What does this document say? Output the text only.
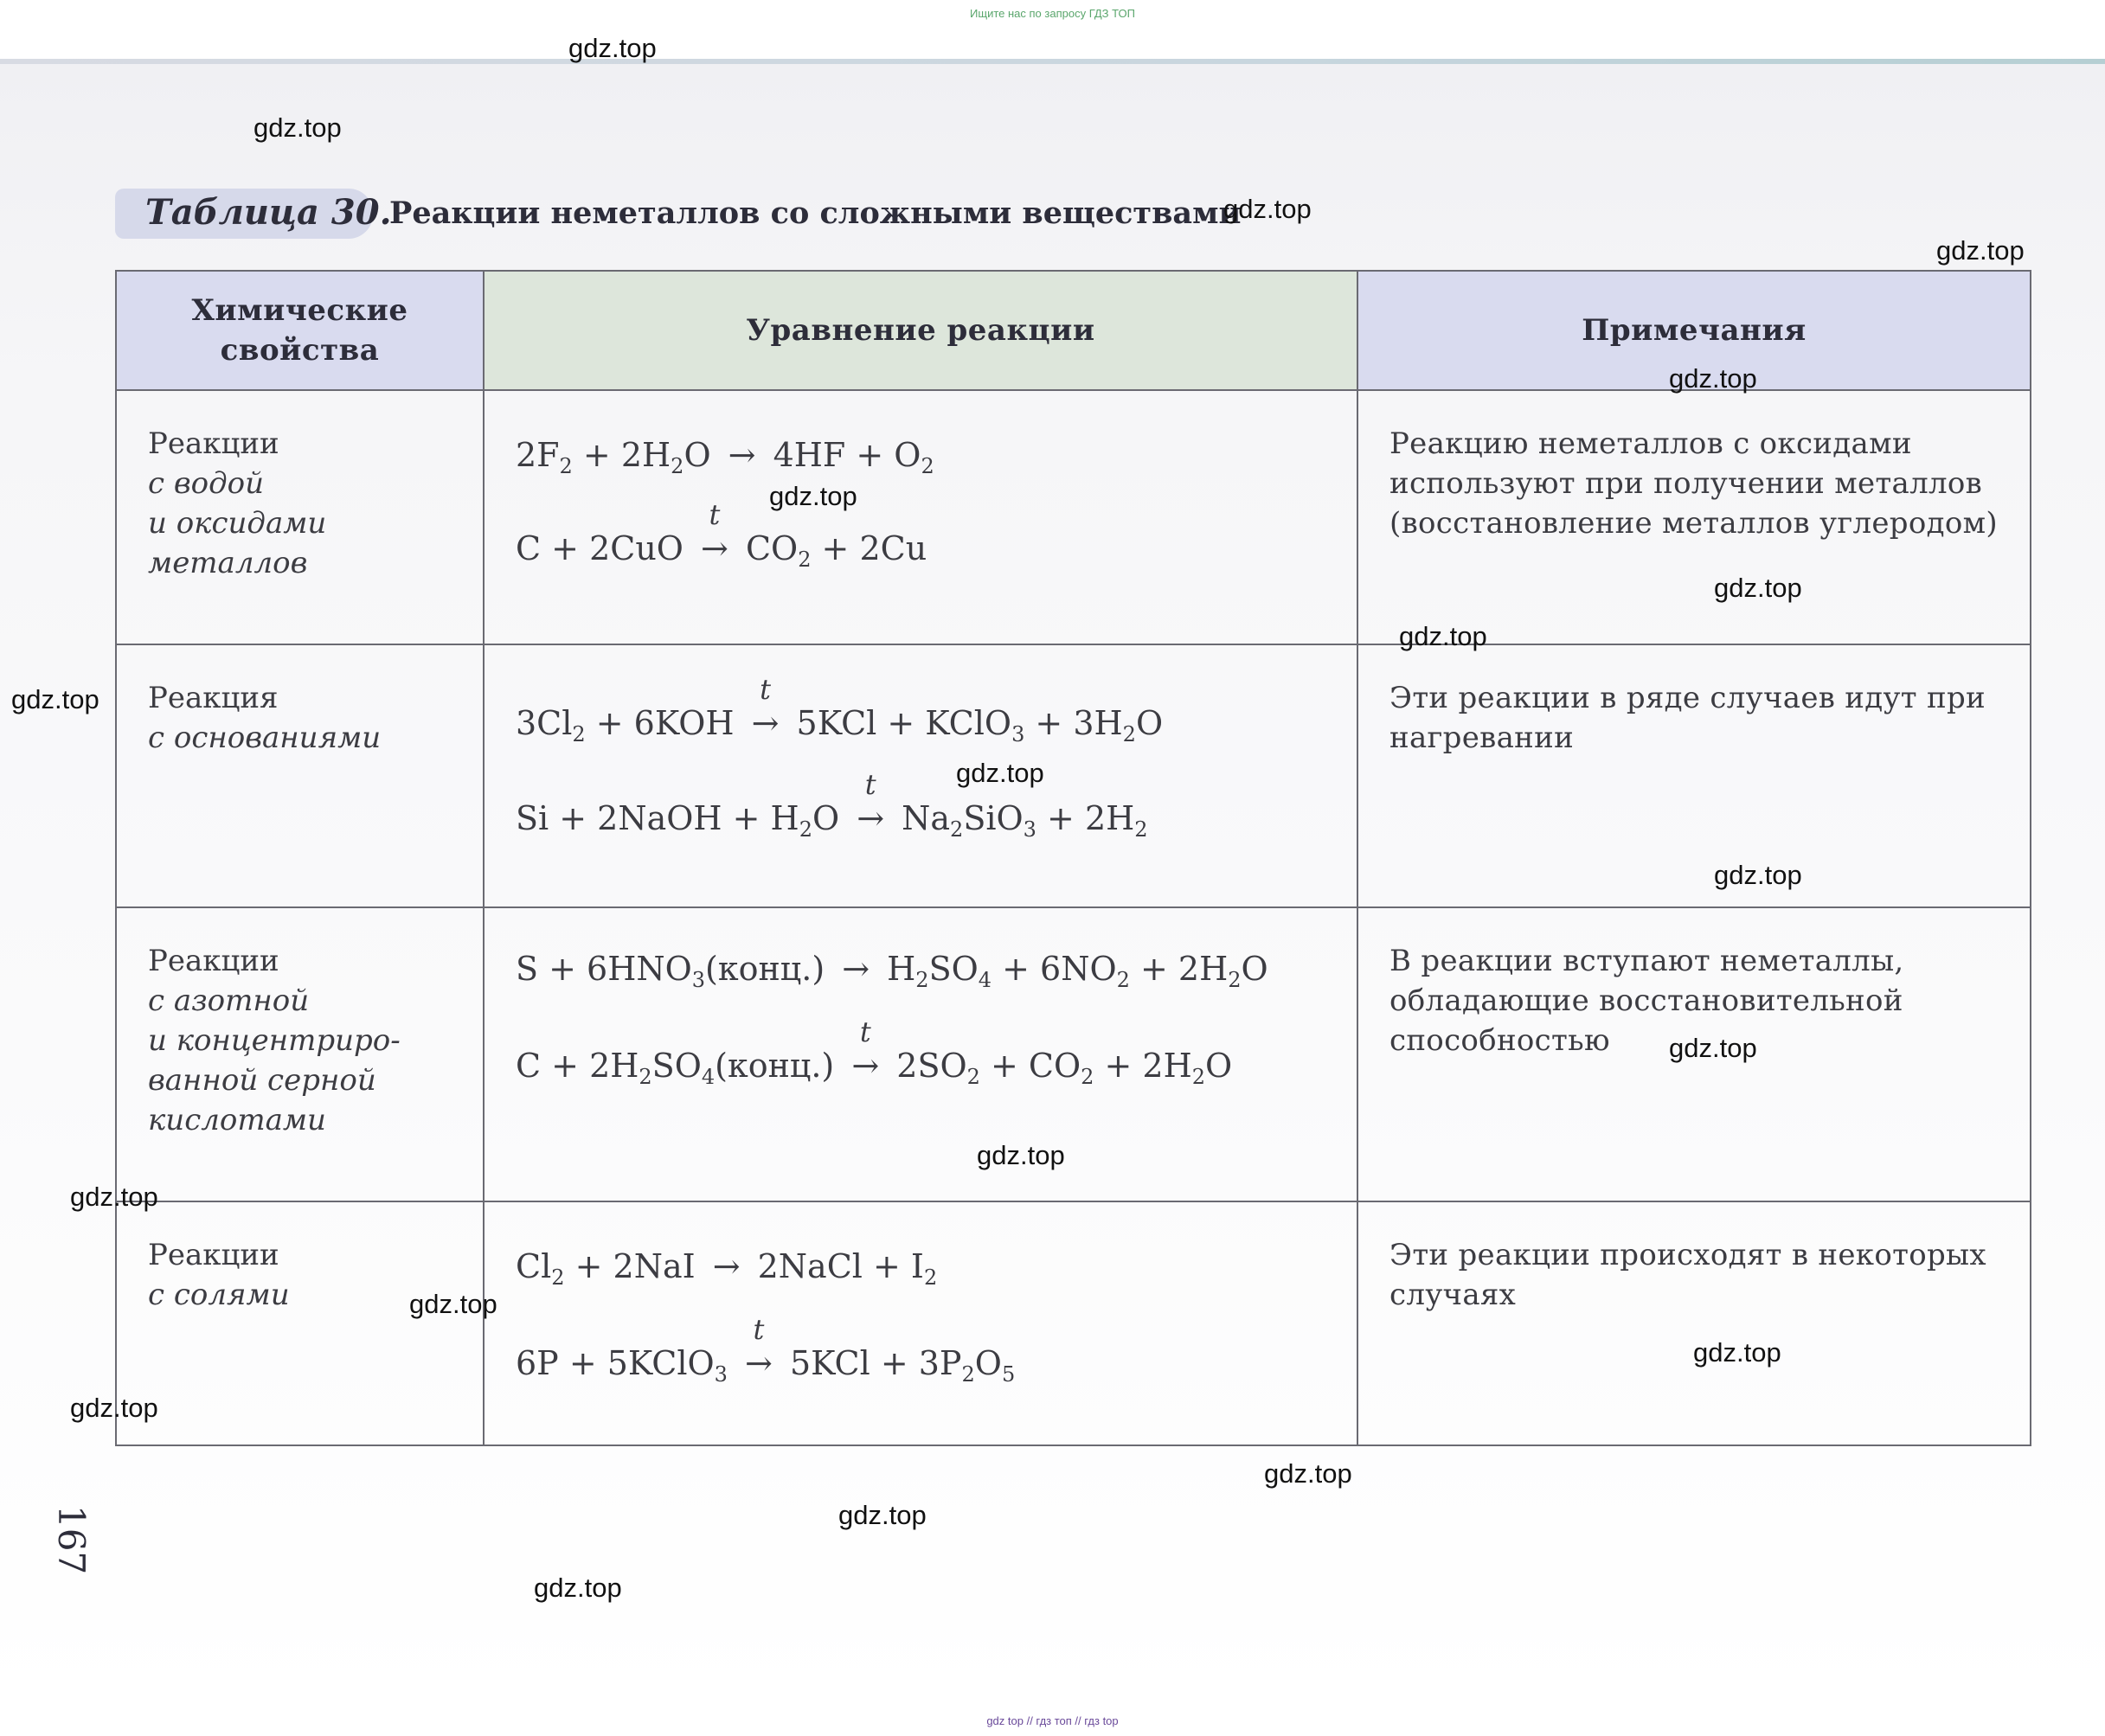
Ищите нас по запросу ГДЗ ТОП
Таблица 30.
Реакции неметаллов со сложными веществами
Химические свойства
Уравнение реакции	Примечания
Реакции
с водой
и оксидами
металлов
$2F_2 + 2H_2O \to 4HF + O_2$
C + 2CuO
t
→ $CO_2 + 2Cu$
Реакцию неметаллов с оксидами используют при получении металлов (восстановление металлов углеродом)
Реакция
с основаниями	$3Cl_2 + 6KOH$
t
→ 5KCl + KClO$_3$ + $3H_2O$
Si + 2NaOH + $H_2O$
t
→ $Na_2SiO_3 + 2H_2$
Эти реакции в ряде случаев идут при нагревании
Реакции
с азотной
и концентриро-
ванной серной
кислотами
$S + 6HNO_3(конц.) \to H_2SO_4 + 6NO_2 + 2H_2O$
$C + 2H_2SO_4(конц.)$
t
→ $2SO_2 + CO_2 + 2H_2O$
В реакции вступают неметаллы, обладающие восстановительной способностью
Реакции
с солями
$Cl_2 + 2NaI$ → 2NaCl + $I_2$
6P + 5KClO$_3$
t
→ $5KCl + 3P_2O_5$
Эти реакции происходят в некоторых случаях
167
gdz.top
gdz.top
gdz.top
gdz.top
gdz.top
gdz.top
gdz.top
gdz.top
gdz.top
gdz.top
gdz.top
gdz.top
gdz.top
gdz.top
gdz.top
gdz.top
gdz.top
gdz.top
gdz.top
gdz.top
gdz top // гдз топ // гдз top
